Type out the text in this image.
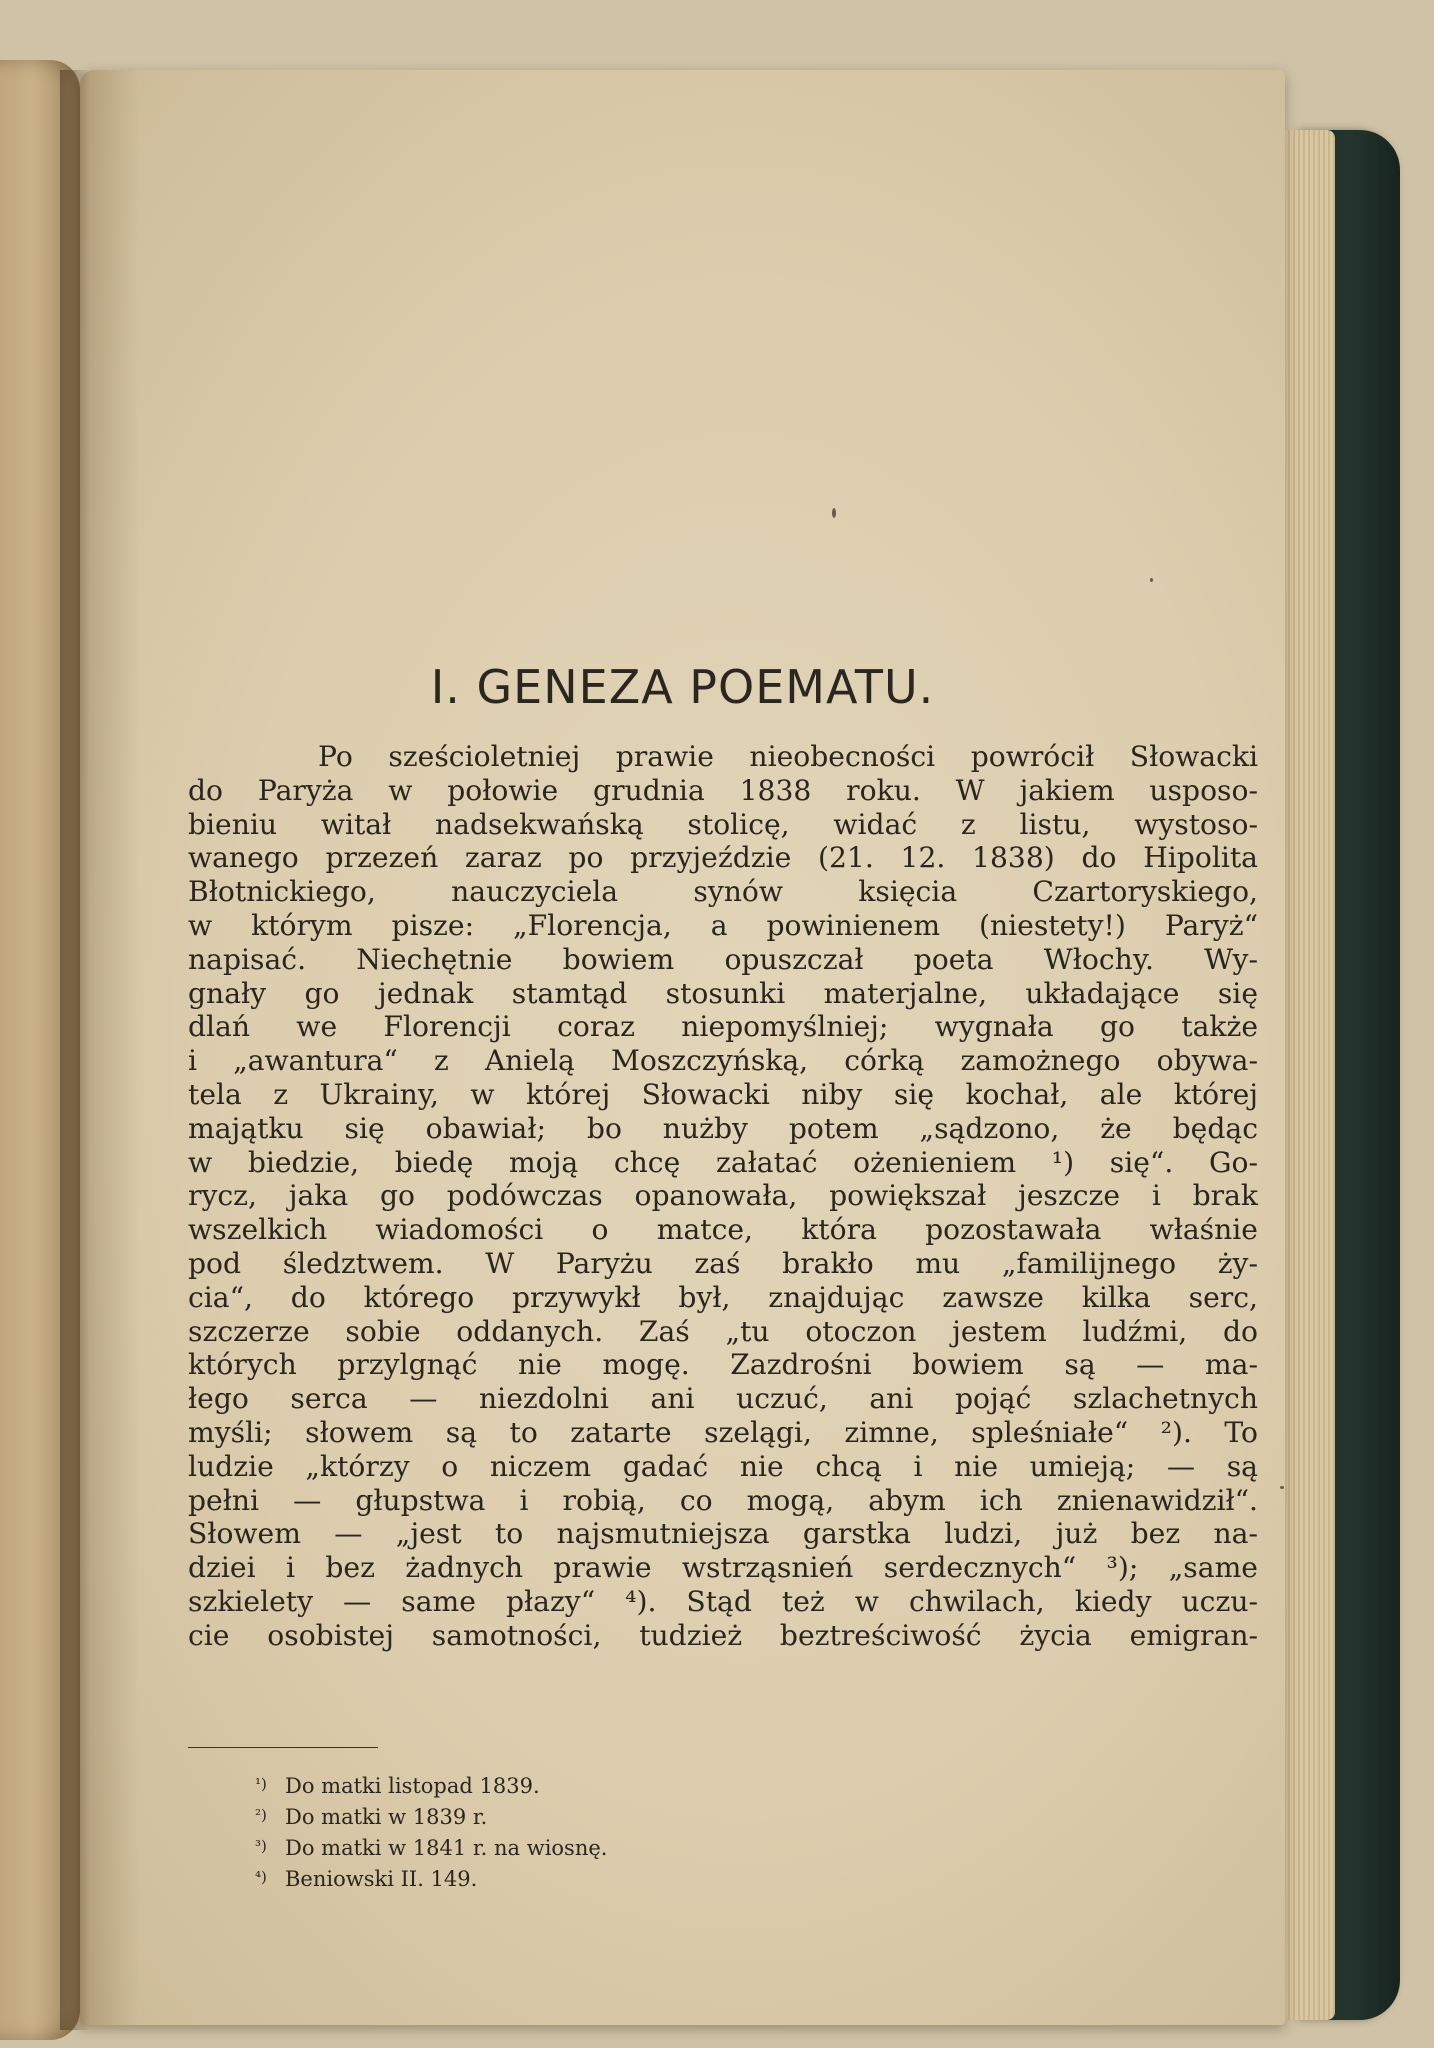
I. GENEZA POEMATU.
Po sześcioletniej prawie nieobecności powrócił Słowacki
do Paryża w połowie grudnia 1838 roku. W jakiem usposo-
bieniu witał nadsekwańską stolicę, widać z listu, wystoso-
wanego przezeń zaraz po przyjeździe (21. 12. 1838) do Hipolita
Błotnickiego, nauczyciela synów księcia Czartoryskiego,
w którym pisze: „Florencja, a powinienem (niestety!) Paryż“
napisać. Niechętnie bowiem opuszczał poeta Włochy. Wy-
gnały go jednak stamtąd stosunki materjalne, układające się
dlań we Florencji coraz niepomyślniej; wygnała go także
i „awantura“ z Anielą Moszczyńską, córką zamożnego obywa-
tela z Ukrainy, w której Słowacki niby się kochał, ale której
majątku się obawiał; bo nużby potem „sądzono, że będąc
w biedzie, biedę moją chcę załatać ożenieniem ¹) się“. Go-
rycz, jaka go podówczas opanowała, powiększał jeszcze i brak
wszelkich wiadomości o matce, która pozostawała właśnie
pod śledztwem. W Paryżu zaś brakło mu „familijnego ży-
cia“, do którego przywykł był, znajdując zawsze kilka serc,
szczerze sobie oddanych. Zaś „tu otoczon jestem ludźmi, do
których przylgnąć nie mogę. Zazdrośni bowiem są — ma-
łego serca — niezdolni ani uczuć, ani pojąć szlachetnych
myśli; słowem są to zatarte szelągi, zimne, spleśniałe“ ²). To
ludzie „którzy o niczem gadać nie chcą i nie umieją; — są
pełni — głupstwa i robią, co mogą, abym ich znienawidził“.
Słowem — „jest to najsmutniejsza garstka ludzi, już bez na-
dziei i bez żadnych prawie wstrząsnień serdecznych“ ³); „same
szkielety — same płazy“ ⁴). Stąd też w chwilach, kiedy uczu-
cie osobistej samotności, tudzież beztreściwość życia emigran-
¹) Do matki listopad 1839.
²) Do matki w 1839 r.
³) Do matki w 1841 r. na wiosnę.
⁴) Beniowski II. 149.
